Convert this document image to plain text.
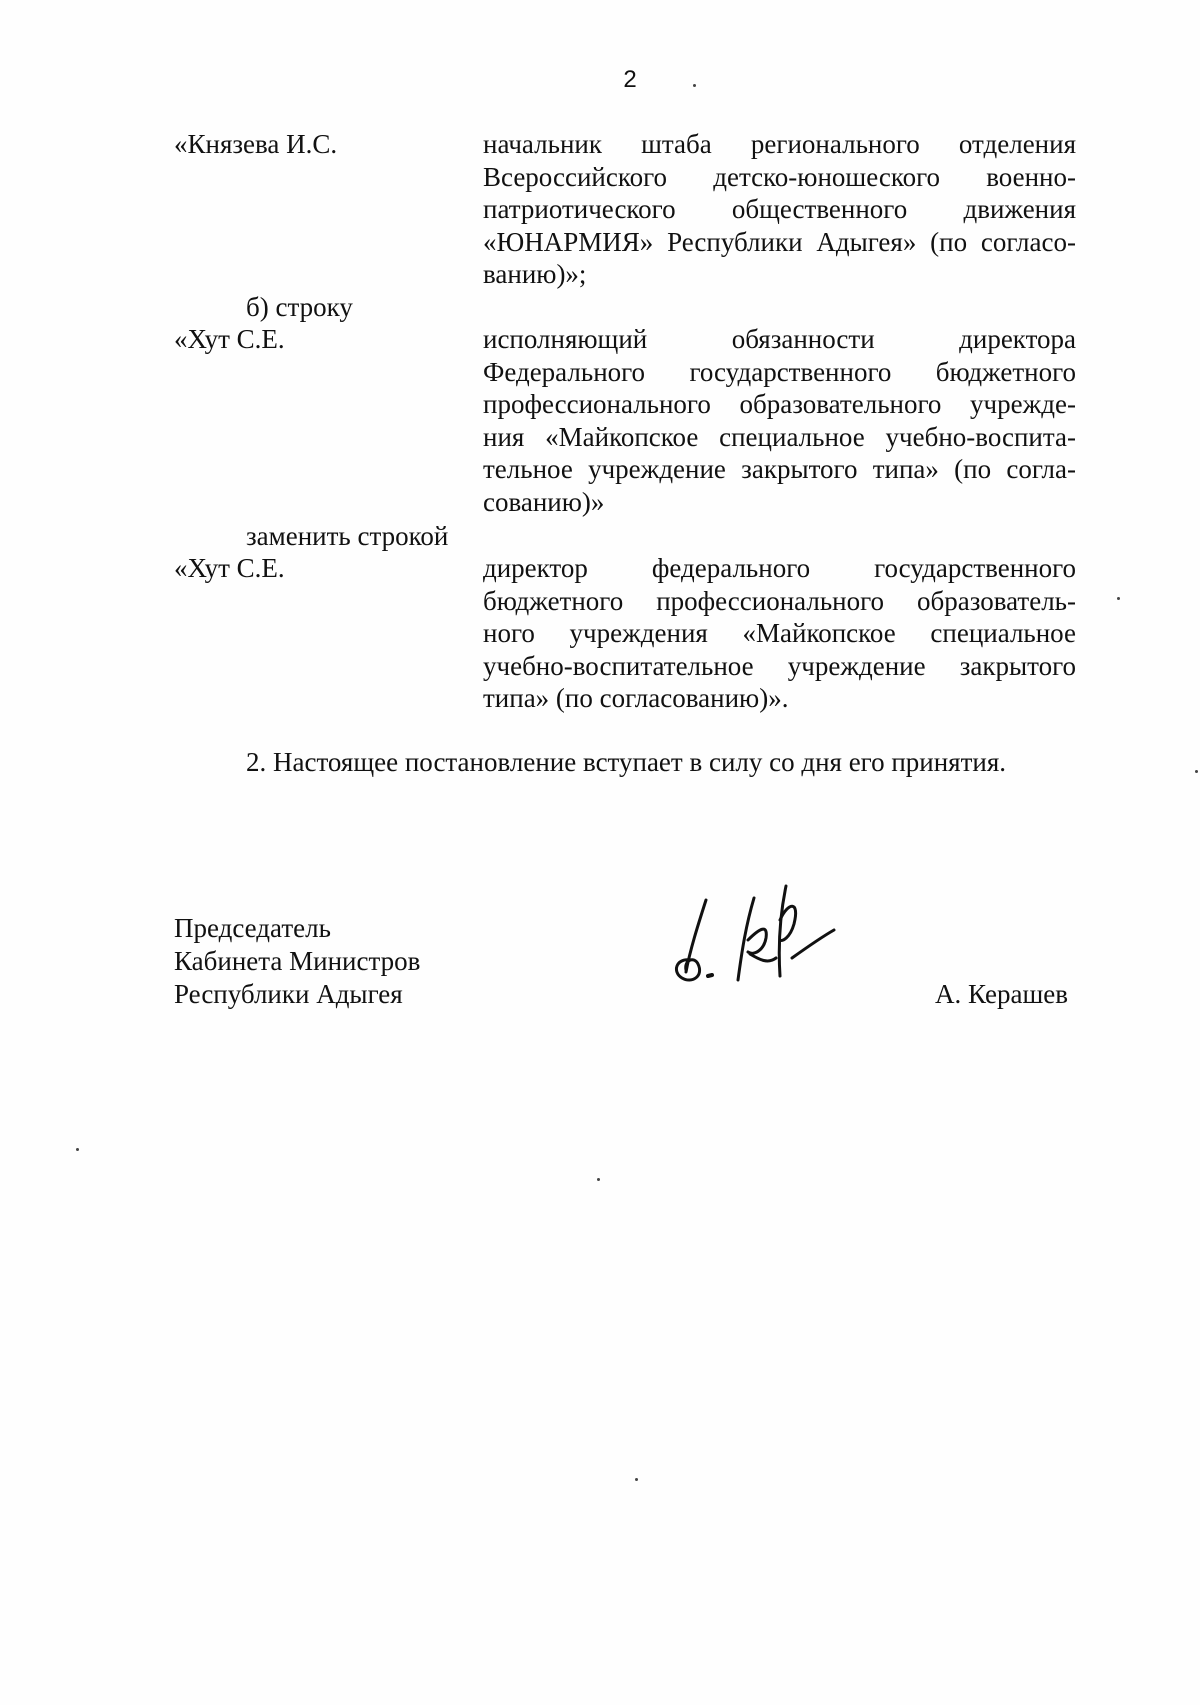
2
«Князева И.С.	начальник штаба регионального отделения
Всероссийского детско-юношеского военно-
патриотического общественного движения
«ЮНАРМИЯ» Республики Адыгея» (по согласо-
ванию)»;
б) строку
«Хут С.Е.	исполняющий обязанности директора
Федерального государственного бюджетного
профессионального образовательного учрежде-
ния «Майкопское специальное учебно-воспита-
тельное учреждение закрытого типа» (по согла-
сованию)»
заменить строкой
«Хут С.Е.	директор федерального государственного
бюджетного профессионального образователь-
ного учреждения «Майкопское специальное
учебно-воспитательное учреждение закрытого
типа» (по согласованию)».
2. Настоящее постановление вступает в силу со дня его принятия.
Председатель
Кабинета Министров
Республики Адыгея	А. Керашев
